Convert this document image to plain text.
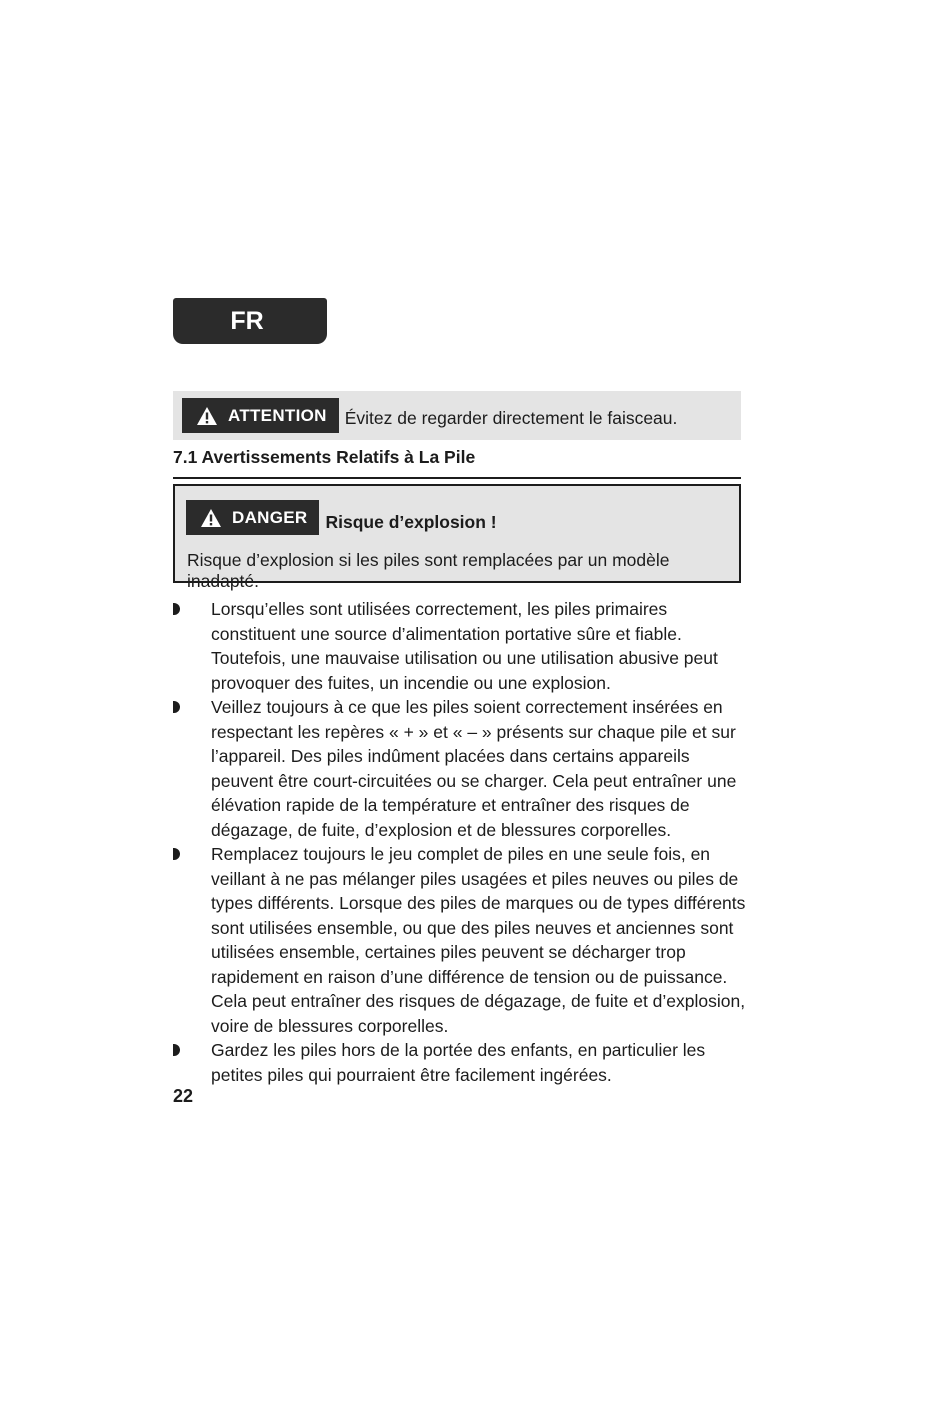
FR
ATTENTION Évitez de regarder directement le faisceau.
7.1 Avertissements Relatifs à La Pile
DANGER Risque d’explosion !
Risque d’explosion si les piles sont remplacées par un modèle inadapté.
Lorsqu’elles sont utilisées correctement, les piles primaires constituent une source d’alimentation portative sûre et fiable. Toutefois, une mauvaise utilisation ou une utilisation abusive peut provoquer des fuites, un incendie ou une explosion.
Veillez toujours à ce que les piles soient correctement insérées en respectant les repères « + » et « – » présents sur chaque pile et sur l’appareil. Des piles indûment placées dans certains appareils peuvent être court-circuitées ou se charger. Cela peut entraîner une élévation rapide de la température et entraîner des risques de dégazage, de fuite, d’explosion et de blessures corporelles.
Remplacez toujours le jeu complet de piles en une seule fois, en veillant à ne pas mélanger piles usagées et piles neuves ou piles de types différents. Lorsque des piles de marques ou de types différents sont utilisées ensemble, ou que des piles neuves et anciennes sont utilisées ensemble, certaines piles peuvent se décharger trop rapidement en raison d’une différence de tension ou de puissance. Cela peut entraîner des risques de dégazage, de fuite et d’explosion, voire de blessures corporelles.
Gardez les piles hors de la portée des enfants, en particulier les petites piles qui pourraient être facilement ingérées.
22
